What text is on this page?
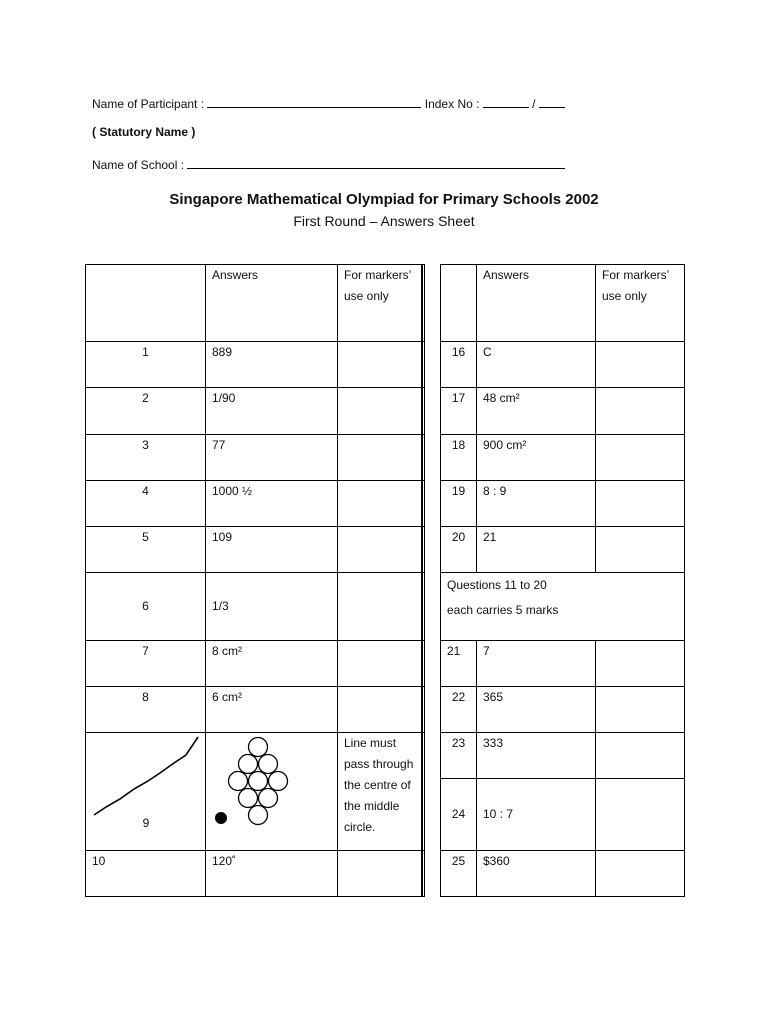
Name of Participant :	Index No :	/
( Statutory Name )
Name of School :
Singapore Mathematical Olympiad for Primary Schools 2002
First Round – Answers Sheet

	Answers	For markers’ use only

1	889	

2	1/90	

3	77	

4	1000 ½	

5	109	

6	1/3	

7	8 cm²	

8	6 cm²	

9		Line must pass through the centre of the middle circle.

10	120˚	

	Answers	For markers’ use only

16	C	

17	48 cm²	

18	900 cm²	

19	8 : 9	

20	21	

Questions 11 to 20
each carries 5 marks		

21	7	

22	365	

23	333	

24	10 : 7	

25	$360	
